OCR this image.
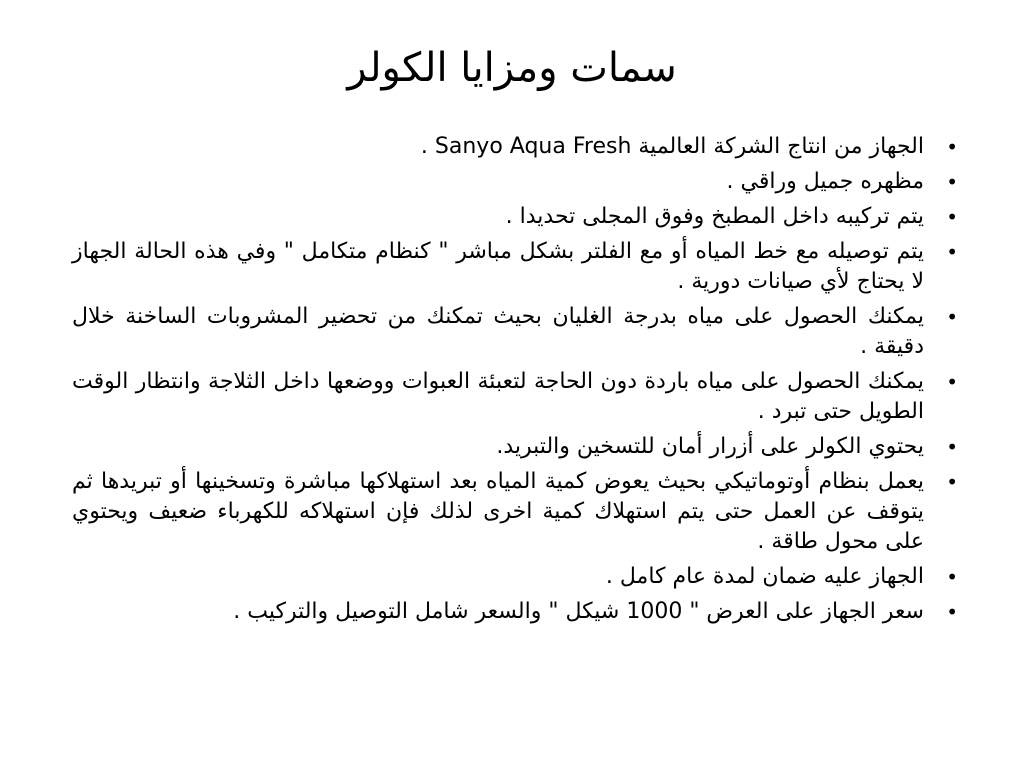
سمات ومزايا الكولر
•
الجهاز من انتاج الشركة العالمية Sanyo Aqua Fresh .
•
مظهره جميل وراقي .
•
يتم تركيبه داخل المطبخ وفوق المجلى تحديدا .
•
يتم توصيله مع خط المياه أو مع الفلتر بشكل مباشر " كنظام متكامل " وفي هذه الحالة الجهاز لا يحتاج لأي صيانات دورية .
•
يمكنك الحصول على مياه بدرجة الغليان بحيث تمكنك من تحضير المشروبات الساخنة خلال دقيقة .
•
يمكنك الحصول على مياه باردة دون الحاجة لتعبئة العبوات ووضعها داخل الثلاجة وانتظار الوقت الطويل حتى تبرد .
•
يحتوي الكولر على أزرار أمان للتسخين والتبريد.
•
يعمل بنظام أوتوماتيكي بحيث يعوض كمية المياه بعد استهلاكها مباشرة وتسخينها أو تبريدها ثم يتوقف عن العمل حتى يتم استهلاك كمية اخرى لذلك فإن استهلاكه للكهرباء ضعيف ويحتوي على محول طاقة .
•
الجهاز عليه ضمان لمدة عام كامل .
•
سعر الجهاز على العرض " 1000 شيكل " والسعر شامل التوصيل والتركيب .
